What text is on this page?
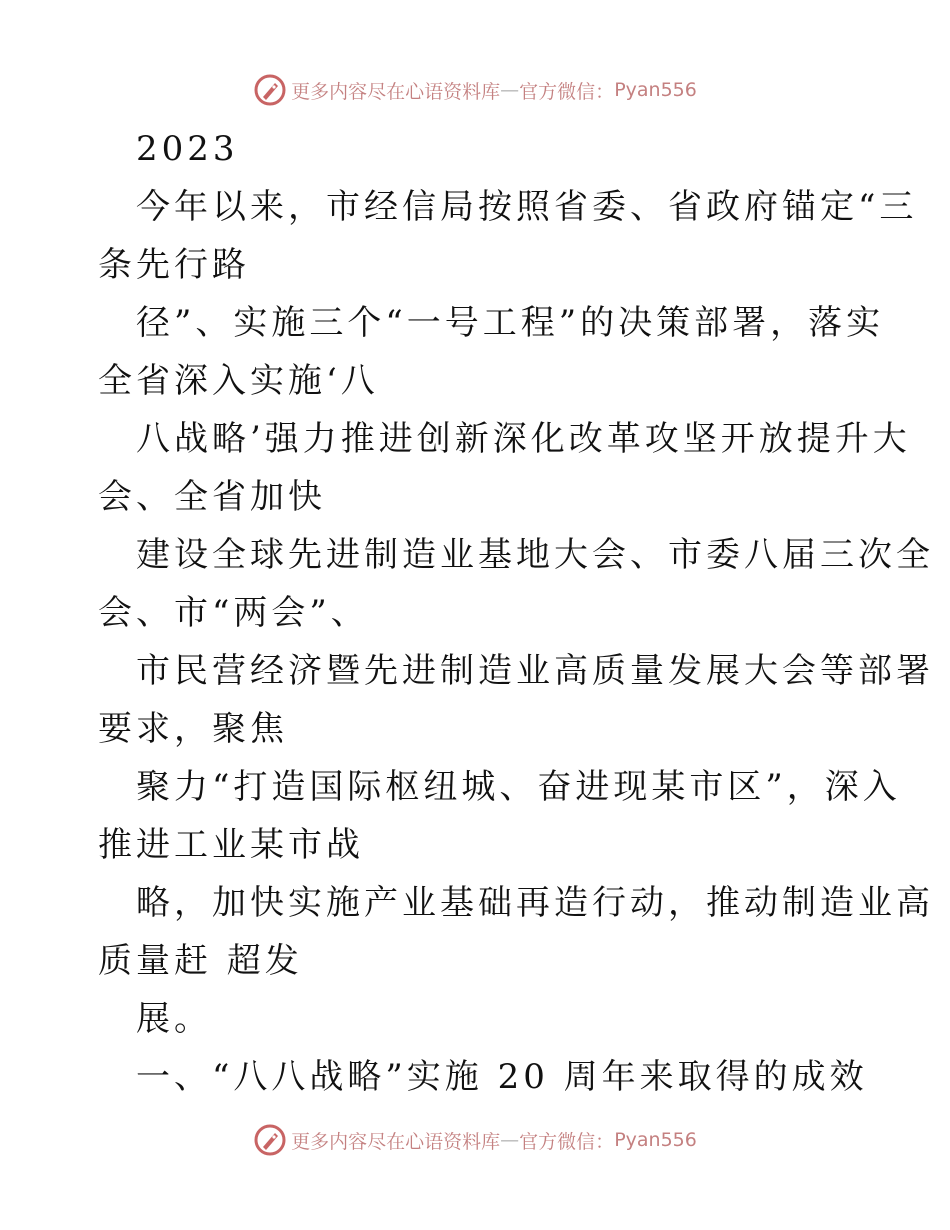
更多内容尽在心语资料库 — 官方微信： Pyan556
2023
今年以来，市经信局按照省委、省政府锚定“三
条先行路
径”、实施三个“一号工程”的决策部署，落实
全省深入实施‘八
八战略’强力推进创新深化改革攻坚开放提升大
会、全省加快
建设全球先进制造业基地大会、市委八届三次全
会、市“两会”、
市民营经济暨先进制造业高质量发展大会等部署
要求，聚焦
聚力“打造国际枢纽城、奋进现某市区”，深入
推进工业某市战
略，加快实施产业基础再造行动，推动制造业高
质量赶 超发
展。
一、“八八战略”实施 20 周年来取得的成效
更多内容尽在心语资料库 — 官方微信： Pyan556
